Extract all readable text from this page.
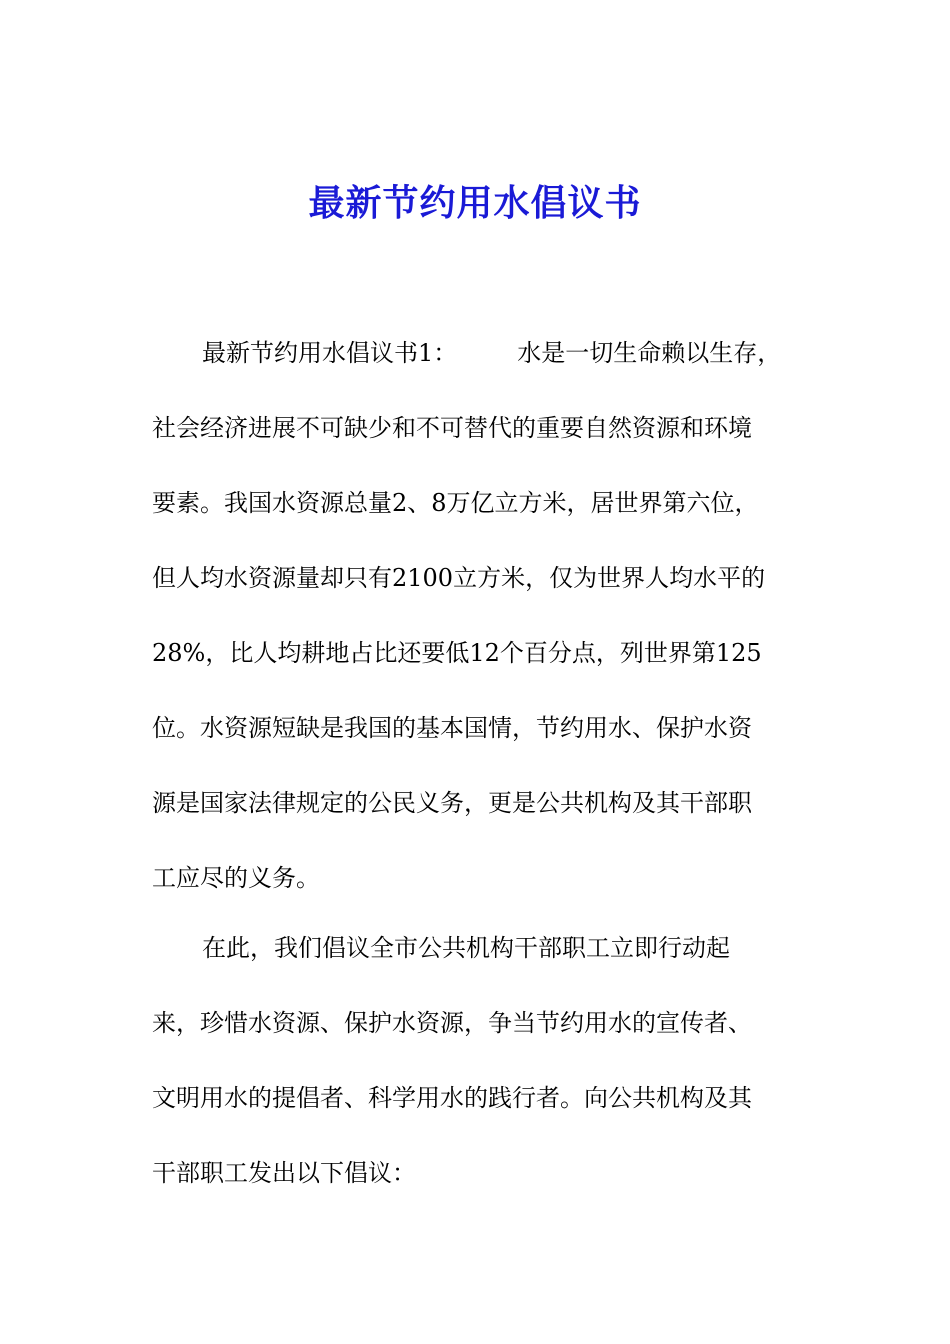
最新节约用水倡议书
最新节约用水倡议书1：	水是一切生命赖以生存，
社会经济进展不可缺少和不可替代的重要自然资源和环境
要素。我国水资源总量2、8万亿立方米，居世界第六位，
但人均水资源量却只有2100立方米，仅为世界人均水平的
28%，比人均耕地占比还要低12个百分点，列世界第125
位。水资源短缺是我国的基本国情，节约用水、保护水资
源是国家法律规定的公民义务，更是公共机构及其干部职
工应尽的义务。
在此，我们倡议全市公共机构干部职工立即行动起
来，珍惜水资源、保护水资源，争当节约用水的宣传者、
文明用水的提倡者、科学用水的践行者。向公共机构及其
干部职工发出以下倡议：
